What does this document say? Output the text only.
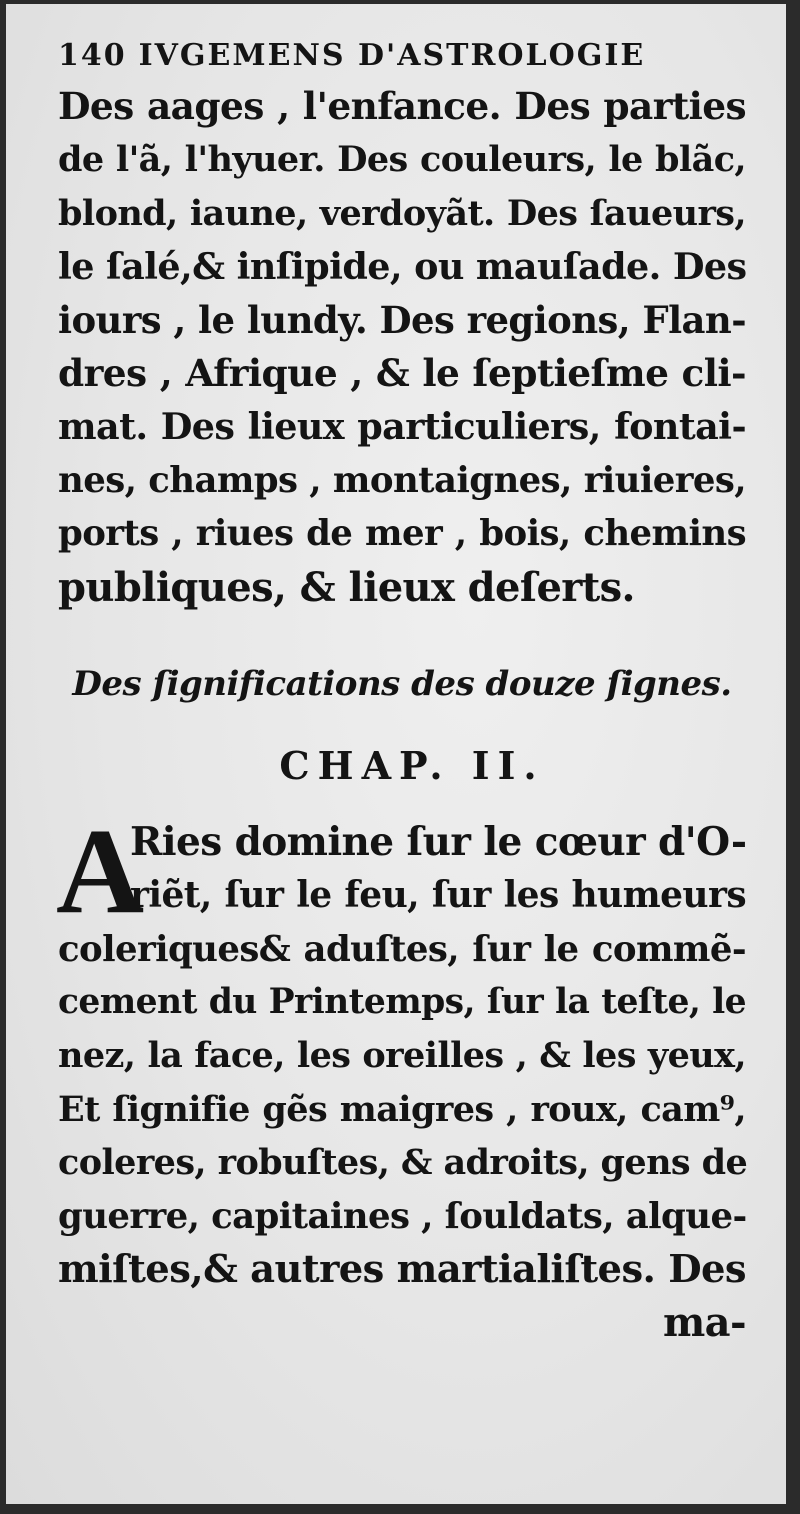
140 IVGEMENS D'ASTROLOGIE
Des aages , l'enfance. Des parties
de l'ã, l'hyuer. Des couleurs, le blãc,
blond, iaune, verdoyãt. Des ſaueurs,
le ſalé,& inſipide, ou mauſade. Des
iours , le lundy. Des regions, Flan-
dres , Afrique , & le ſeptieſme cli-
mat. Des lieux particuliers, fontai-
nes, champs , montaignes, riuieres,
ports , riues de mer , bois, chemins
publiques, & lieux deſerts.
Des ſignifications des douze ſignes.
CHAP. II.
A
Ries domine ſur le cœur d'O-
riẽt, ſur le feu, ſur les humeurs
coleriques& aduſtes, ſur le commẽ-
cement du Printemps, ſur la teſte, le
nez, la face, les oreilles , & les yeux,
Et ſignifie gẽs maigres , roux, cam⁹,
coleres, robuſtes, & adroits, gens de
guerre, capitaines , ſouldats, alque-
miſtes,& autres martialiſtes. Des
ma-
